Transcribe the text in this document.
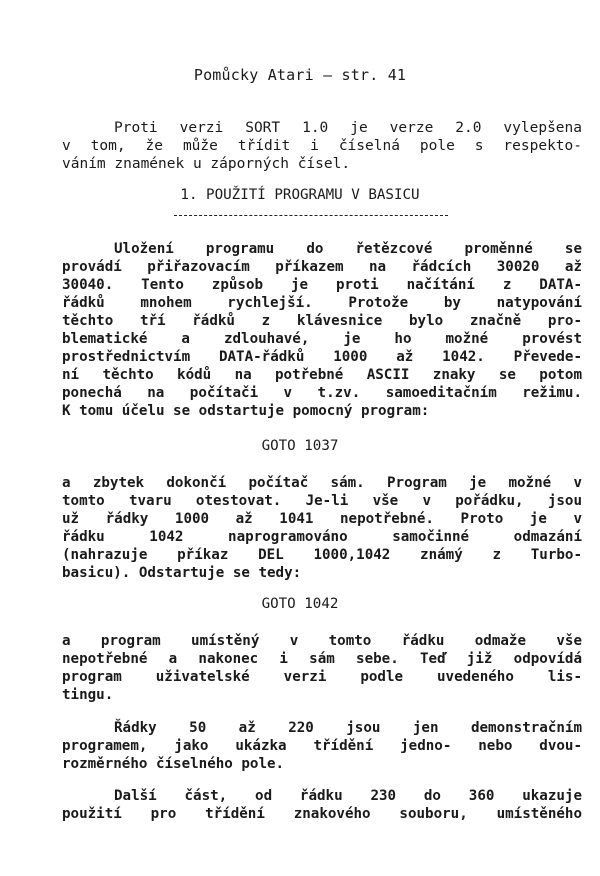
Pomůcky Atari – str. 41
Proti verzi SORT 1.0 je verze 2.0 vylepšena
v tom, že může třídit i číselná pole s respekto-
váním znamének u záporných čísel.
1. POUŽITÍ PROGRAMU V BASICU
Uložení programu do řetězcové proměnné se
provádí přiřazovacím příkazem na řádcích 30020 až
30040. Tento způsob je proti načítání z DATA-
řádků mnohem rychlejší. Protože by natypování
těchto tří řádků z klávesnice bylo značně pro-
blematické a zdlouhavé, je ho možné provést
prostřednictvím DATA-řádků 1000 až 1042. Převede-
ní těchto kódů na potřebné ASCII znaky se potom
ponechá na počítači v t.zv. samoeditačním režimu.
K tomu účelu se odstartuje pomocný program:
GOTO 1037
a zbytek dokončí počítač sám. Program je možné v
tomto tvaru otestovat. Je-li vše v pořádku, jsou
už řádky 1000 až 1041 nepotřebné. Proto je v
řádku 1042 naprogramováno samočinné odmazání
(nahrazuje příkaz DEL 1000,1042 známý z Turbo-
basicu). Odstartuje se tedy:
GOTO 1042
a program umístěný v tomto řádku odmaže vše
nepotřebné a nakonec i sám sebe. Teď již odpovídá
program uživatelské verzi podle uvedeného lis-
tingu.
Řádky 50 až 220 jsou jen demonstračním
programem, jako ukázka třídění jedno- nebo dvou-
rozměrného číselného pole.
Další část, od řádku 230 do 360 ukazuje
použití pro třídění znakového souboru, umístěného
